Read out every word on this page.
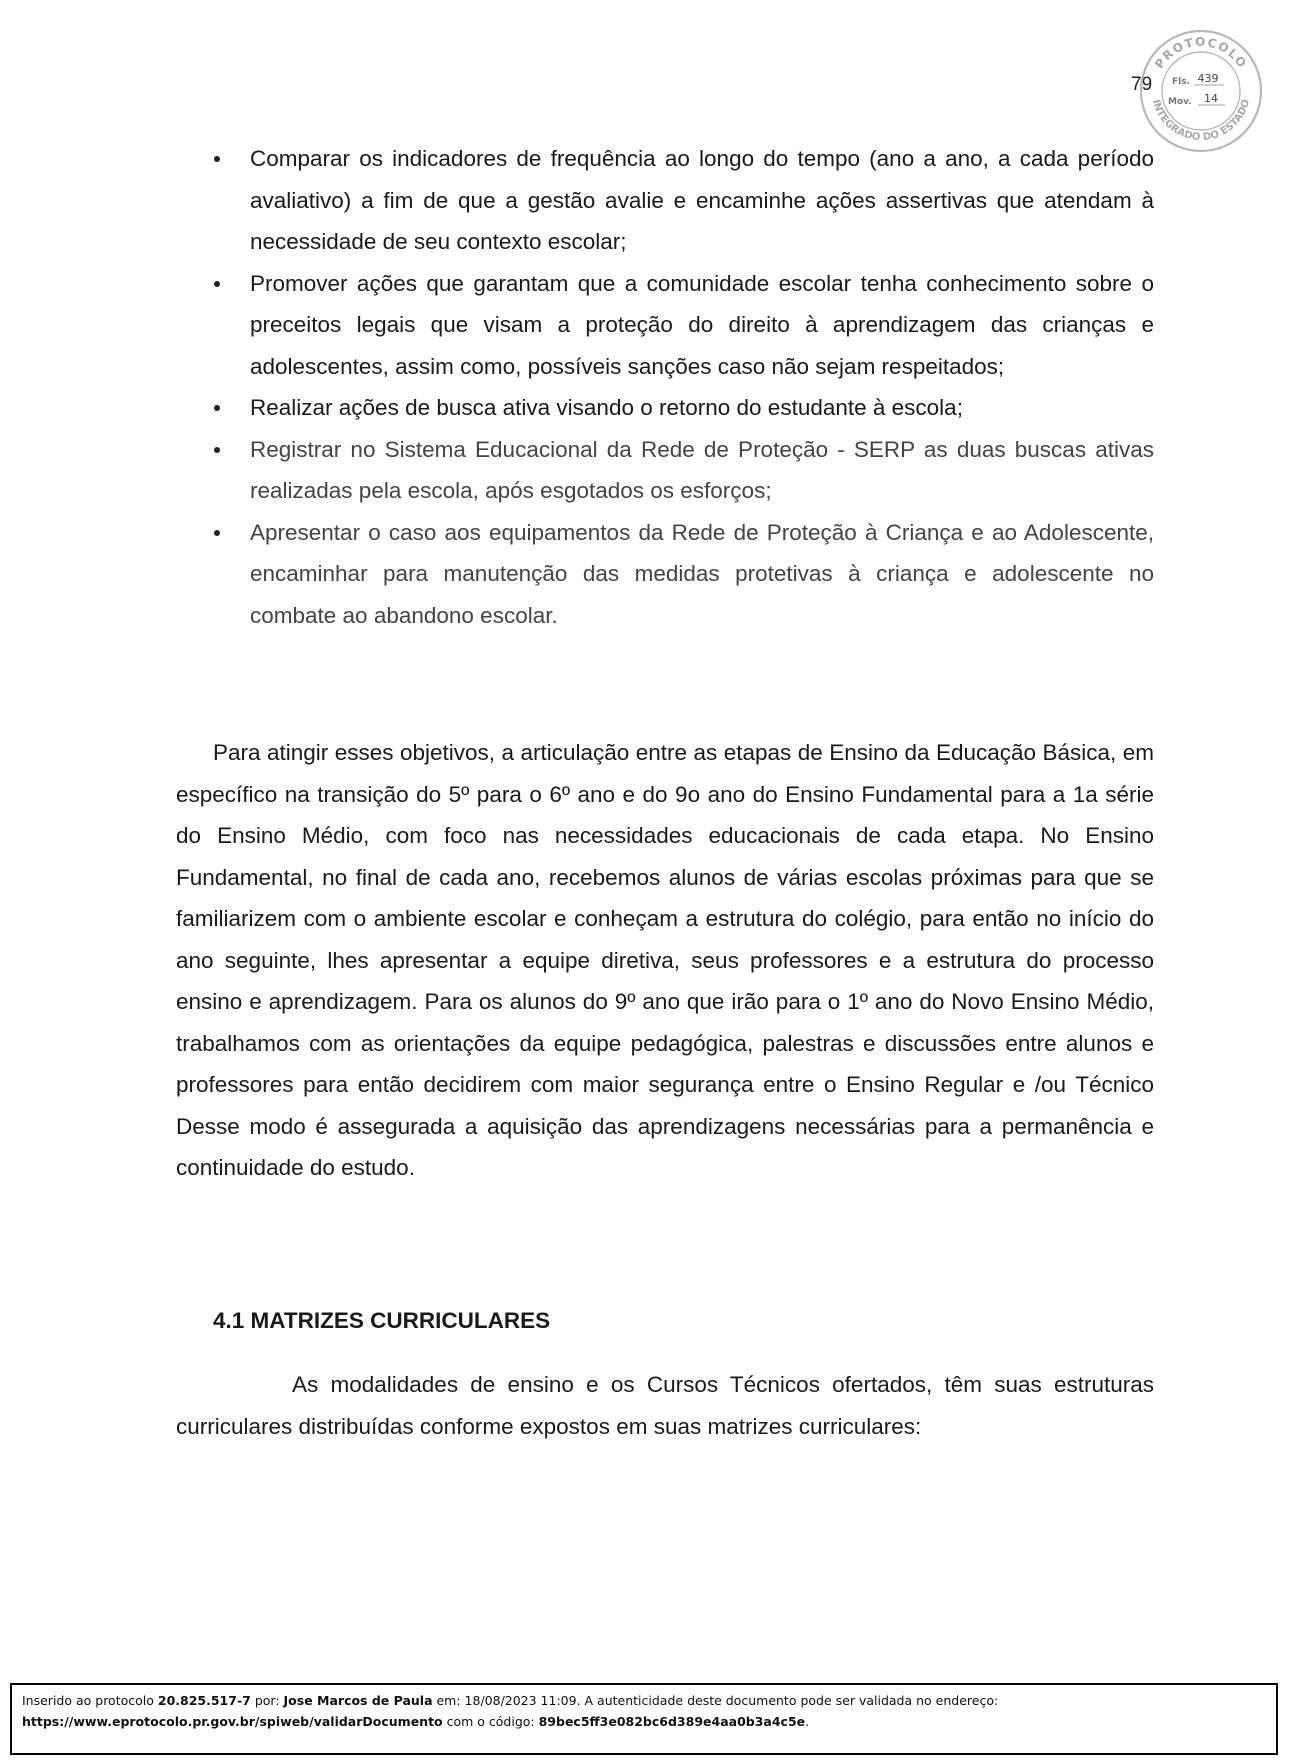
79
PROTOCOLO
INTEGRADO DO ESTADO
Fls. 439
Mov. 14
Comparar os indicadores de frequência ao longo do tempo (ano a ano, a cada período avaliativo) a fim de que a gestão avalie e encaminhe ações assertivas que atendam à necessidade de seu contexto escolar;
Promover ações que garantam que a comunidade escolar tenha conhecimento sobre o preceitos legais que visam a proteção do direito à aprendizagem das crianças e adolescentes, assim como, possíveis sanções caso não sejam respeitados;
Realizar ações de busca ativa visando o retorno do estudante à escola;
Registrar no Sistema Educacional da Rede de Proteção - SERP as duas buscas ativas realizadas pela escola, após esgotados os esforços;
Apresentar o caso aos equipamentos da Rede de Proteção à Criança e ao Adolescente, encaminhar para manutenção das medidas protetivas à criança e adolescente no combate ao abandono escolar.

Para atingir esses objetivos, a articulação entre as etapas de Ensino da Educação Básica, em específico na transição do 5º para o 6º ano e do 9o ano do Ensino Fundamental para a 1a série do Ensino Médio, com foco nas necessidades educacionais de cada etapa. No Ensino Fundamental, no final de cada ano, recebemos alunos de várias escolas próximas para que se familiarizem com o ambiente escolar e conheçam a estrutura do colégio, para então no início do ano seguinte, lhes apresentar a equipe diretiva, seus professores e a estrutura do processo ensino e aprendizagem. Para os alunos do 9º ano que irão para o 1º ano do Novo Ensino Médio, trabalhamos com as orientações da equipe pedagógica, palestras e discussões entre alunos e professores para então decidirem com maior segurança entre o Ensino Regular e /ou Técnico Desse modo é assegurada a aquisição das aprendizagens necessárias para a permanência e continuidade do estudo.

4.1 MATRIZES CURRICULARES

As modalidades de ensino e os Cursos Técnicos ofertados, têm suas estruturas curriculares distribuídas conforme expostos em suas matrizes curriculares:

Inserido ao protocolo 20.825.517-7 por: Jose Marcos de Paula em: 18/08/2023 11:09. A autenticidade deste documento pode ser validada no endereço:
https://www.eprotocolo.pr.gov.br/spiweb/validarDocumento com o código: 89bec5ff3e082bc6d389e4aa0b3a4c5e.
